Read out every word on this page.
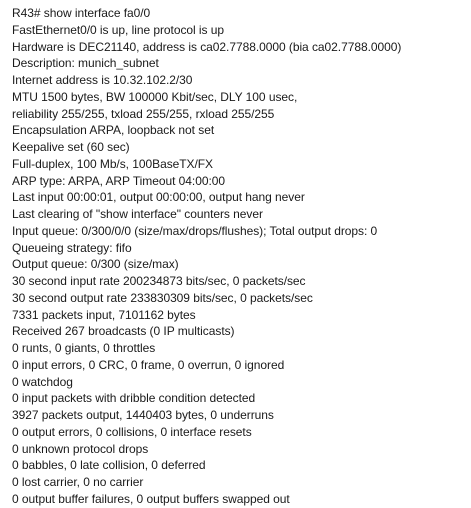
R43# show interface fa0/0
FastEthernet0/0 is up, line protocol is up
Hardware is DEC21140, address is ca02.7788.0000 (bia ca02.7788.0000)
Description: munich_subnet
Internet address is 10.32.102.2/30
MTU 1500 bytes, BW 100000 Kbit/sec, DLY 100 usec,
reliability 255/255, txload 255/255, rxload 255/255
Encapsulation ARPA, loopback not set
Keepalive set (60 sec)
Full-duplex, 100 Mb/s, 100BaseTX/FX
ARP type: ARPA, ARP Timeout 04:00:00
Last input 00:00:01, output 00:00:00, output hang never
Last clearing of "show interface" counters never
Input queue: 0/300/0/0 (size/max/drops/flushes); Total output drops: 0
Queueing strategy: fifo
Output queue: 0/300 (size/max)
30 second input rate 200234873 bits/sec, 0 packets/sec
30 second output rate 233830309 bits/sec, 0 packets/sec
7331 packets input, 7101162 bytes
Received 267 broadcasts (0 IP multicasts)
0 runts, 0 giants, 0 throttles
0 input errors, 0 CRC, 0 frame, 0 overrun, 0 ignored
0 watchdog
0 input packets with dribble condition detected
3927 packets output, 1440403 bytes, 0 underruns
0 output errors, 0 collisions, 0 interface resets
0 unknown protocol drops
0 babbles, 0 late collision, 0 deferred
0 lost carrier, 0 no carrier
0 output buffer failures, 0 output buffers swapped out
